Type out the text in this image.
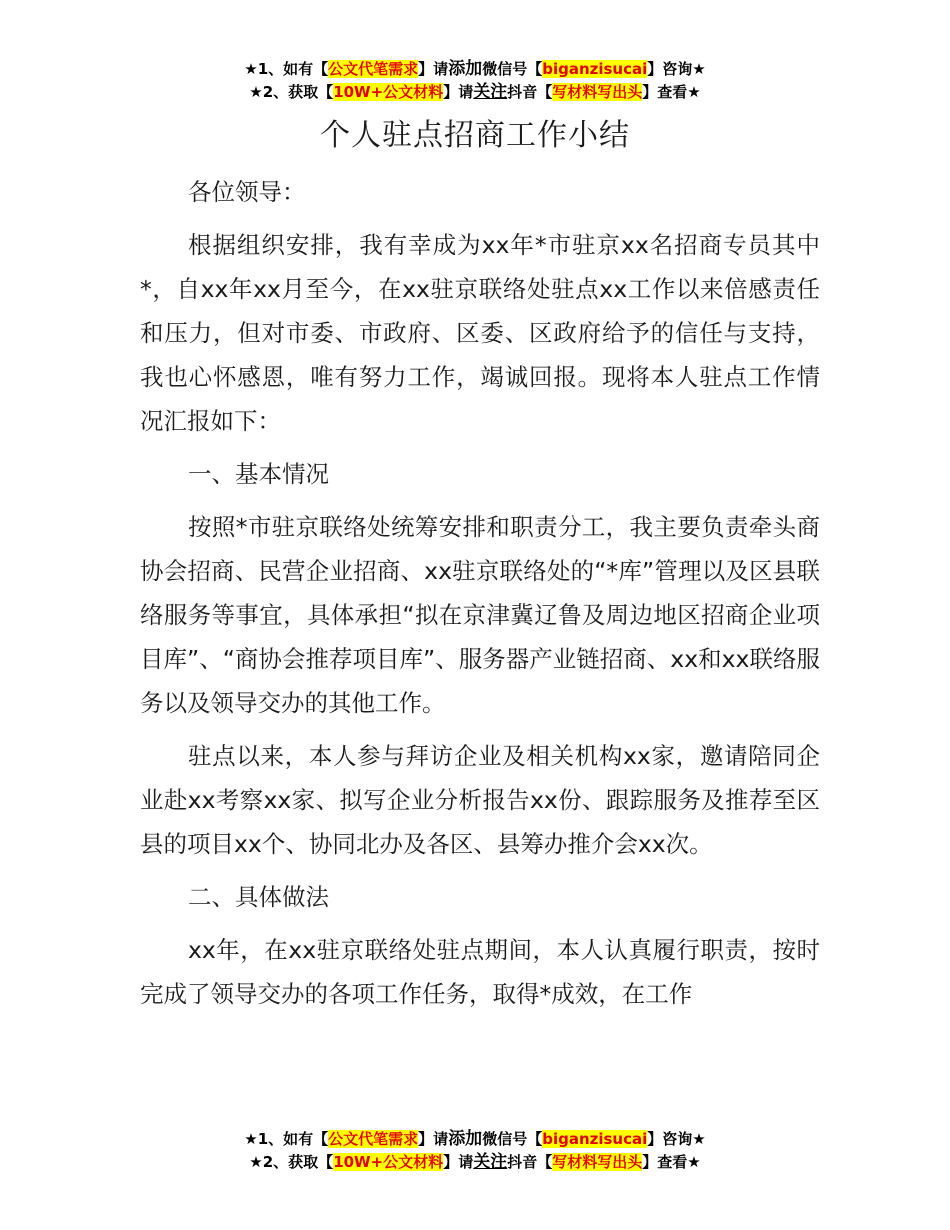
★1、如有【公文代笔需求】请添加微信号【biganzisucai】咨询★
★2、获取【10W+公文材料】请关注抖音【写材料写出头】查看★
个人驻点招商工作小结

各位领导：

根据组织安排，我有幸成为xx年*市驻京xx名招商专员其中*，自xx年xx月至今，在xx驻京联络处驻点xx工作以来倍感责任和压力，但对市委、市政府、区委、区政府给予的信任与支持，我也心怀感恩，唯有努力工作，竭诚回报。现将本人驻点工作情况汇报如下：

一、基本情况

按照*市驻京联络处统筹安排和职责分工，我主要负责牵头商协会招商、民营企业招商、xx驻京联络处的“*库”管理以及区县联络服务等事宜，具体承担“拟在京津冀辽鲁及周边地区招商企业项目库”、“商协会推荐项目库”、服务器产业链招商、xx和xx联络服务以及领导交办的其他工作。

驻点以来，本人参与拜访企业及相关机构xx家，邀请陪同企业赴xx考察xx家、拟写企业分析报告xx份、跟踪服务及推荐至区县的项目xx个、协同北办及各区、县筹办推介会xx次。

二、具体做法

xx年，在xx驻京联络处驻点期间，本人认真履行职责，按时完成了领导交办的各项工作任务，取得*成效，在工作

★1、如有【公文代笔需求】请添加微信号【biganzisucai】咨询★
★2、获取【10W+公文材料】请关注抖音【写材料写出头】查看★
